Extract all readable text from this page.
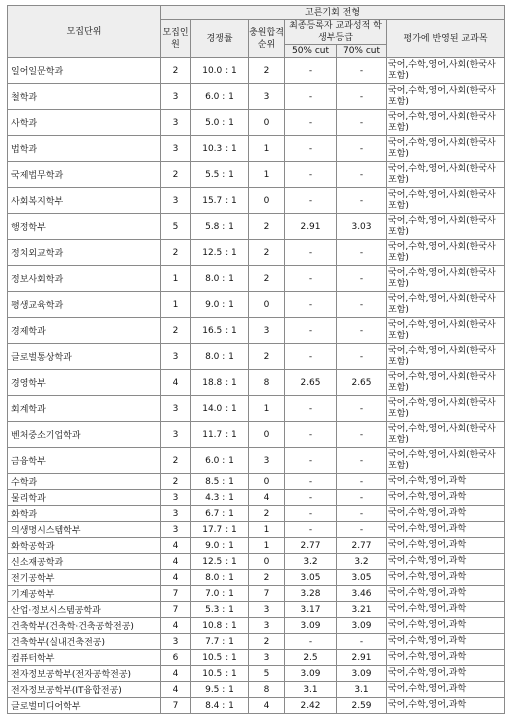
모집단위	고른기회 전형					
	모집인원	경쟁률	충원합격순위	최종등록자 교과성적 학생부등급		평가에 반영된 교과목
				50% cut	70% cut	
일어일문학과	2	10.0 : 1	2	-	-	국어,수학,영어,사회(한국사포함)
철학과	3	6.0 : 1	3	-	-	국어,수학,영어,사회(한국사포함)
사학과	3	5.0 : 1	0	-	-	국어,수학,영어,사회(한국사포함)
법학과	3	10.3 : 1	1	-	-	국어,수학,영어,사회(한국사포함)
국제법무학과	2	5.5 : 1	1	-	-	국어,수학,영어,사회(한국사포함)
사회복지학부	3	15.7 : 1	0	-	-	국어,수학,영어,사회(한국사포함)
행정학부	5	5.8 : 1	2	2.91	3.03	국어,수학,영어,사회(한국사포함)
정치외교학과	2	12.5 : 1	2	-	-	국어,수학,영어,사회(한국사포함)
정보사회학과	1	8.0 : 1	2	-	-	국어,수학,영어,사회(한국사포함)
평생교육학과	1	9.0 : 1	0	-	-	국어,수학,영어,사회(한국사포함)
경제학과	2	16.5 : 1	3	-	-	국어,수학,영어,사회(한국사포함)
글로벌통상학과	3	8.0 : 1	2	-	-	국어,수학,영어,사회(한국사포함)
경영학부	4	18.8 : 1	8	2.65	2.65	국어,수학,영어,사회(한국사포함)
회계학과	3	14.0 : 1	1	-	-	국어,수학,영어,사회(한국사포함)
벤처중소기업학과	3	11.7 : 1	0	-	-	국어,수학,영어,사회(한국사포함)
금융학부	2	6.0 : 1	3	-	-	국어,수학,영어,사회(한국사포함)
수학과	2	8.5 : 1	0	-	-	국어,수학,영어,과학
물리학과	3	4.3 : 1	4	-	-	국어,수학,영어,과학
화학과	3	6.7 : 1	2	-	-	국어,수학,영어,과학
의생명시스템학부	3	17.7 : 1	1	-	-	국어,수학,영어,과학
화학공학과	4	9.0 : 1	1	2.77	2.77	국어,수학,영어,과학
신소재공학과	4	12.5 : 1	0	3.2	3.2	국어,수학,영어,과학
전기공학부	4	8.0 : 1	2	3.05	3.05	국어,수학,영어,과학
기계공학부	7	7.0 : 1	7	3.28	3.46	국어,수학,영어,과학
산업·정보시스템공학과	7	5.3 : 1	3	3.17	3.21	국어,수학,영어,과학
건축학부(건축학·건축공학전공)	4	10.8 : 1	3	3.09	3.09	국어,수학,영어,과학
건축학부(실내건축전공)	3	7.7 : 1	2	-	-	국어,수학,영어,과학
컴퓨터학부	6	10.5 : 1	3	2.5	2.91	국어,수학,영어,과학
전자정보공학부(전자공학전공)	4	10.5 : 1	5	3.09	3.09	국어,수학,영어,과학
전자정보공학부(IT융합전공)	4	9.5 : 1	8	3.1	3.1	국어,수학,영어,과학
글로벌미디어학부	7	8.4 : 1	4	2.42	2.59	국어,수학,영어,과학
